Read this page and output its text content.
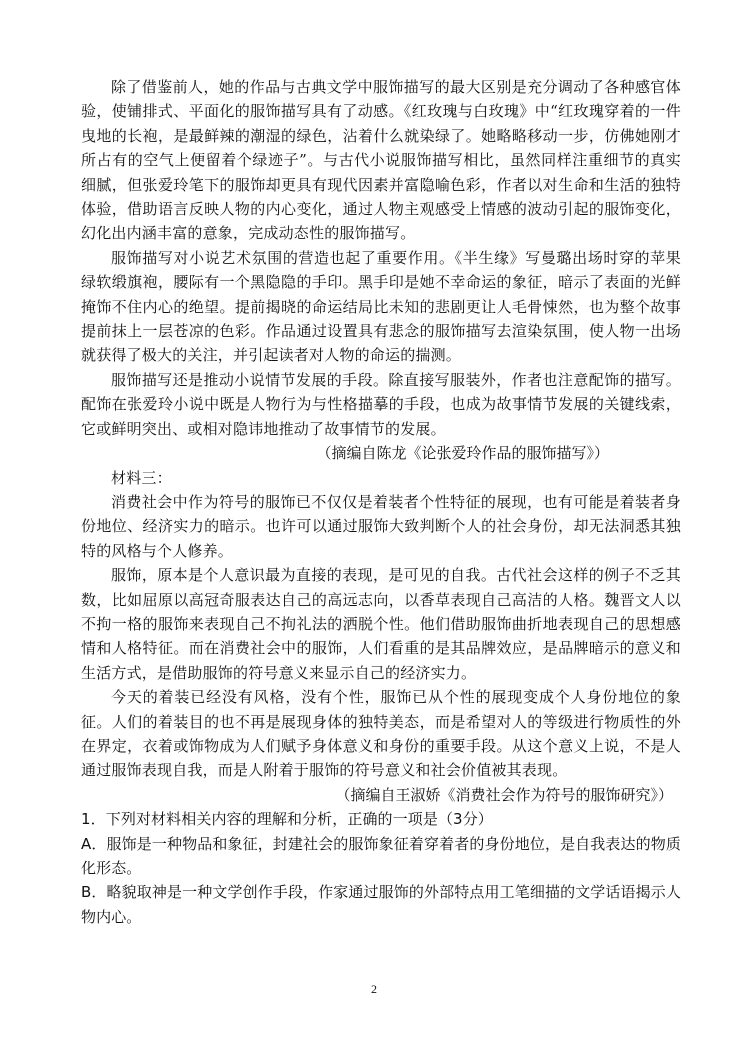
除了借鉴前人，她的作品与古典文学中服饰描写的最大区别是充分调动了各种感官体验，使铺排式、平面化的服饰描写具有了动感。《红玫瑰与白玫瑰》中“红玫瑰穿着的一件曳地的长袍，是最鲜辣的潮湿的绿色，沾着什么就染绿了。她略略移动一步，仿佛她刚才所占有的空气上便留着个绿迹子”。与古代小说服饰描写相比，虽然同样注重细节的真实细腻，但张爱玲笔下的服饰却更具有现代因素并富隐喻色彩，作者以对生命和生活的独特体验，借助语言反映人物的内心变化，通过人物主观感受上情感的波动引起的服饰变化，幻化出内涵丰富的意象，完成动态性的服饰描写。

服饰描写对小说艺术氛围的营造也起了重要作用。《半生缘》写曼璐出场时穿的苹果绿软缎旗袍，腰际有一个黑隐隐的手印。黑手印是她不幸命运的象征，暗示了表面的光鲜掩饰不住内心的绝望。提前揭晓的命运结局比未知的悲剧更让人毛骨悚然，也为整个故事提前抹上一层苍凉的色彩。作品通过设置具有悲念的服饰描写去渲染氛围，使人物一出场就获得了极大的关注，并引起读者对人物的命运的揣测。

服饰描写还是推动小说情节发展的手段。除直接写服装外，作者也注意配饰的描写。配饰在张爱玲小说中既是人物行为与性格描摹的手段，也成为故事情节发展的关键线索，它或鲜明突出、或相对隐讳地推动了故事情节的发展。

（摘编自陈龙《论张爱玲作品的服饰描写》）

材料三：

消费社会中作为符号的服饰已不仅仅是着装者个性特征的展现，也有可能是着装者身份地位、经济实力的暗示。也许可以通过服饰大致判断个人的社会身份，却无法洞悉其独特的风格与个人修养。

服饰，原本是个人意识最为直接的表现，是可见的自我。古代社会这样的例子不乏其数，比如屈原以高冠奇服表达自己的高远志向，以香草表现自己高洁的人格。魏晋文人以不拘一格的服饰来表现自己不拘礼法的洒脱个性。他们借助服饰曲折地表现自己的思想感情和人格特征。而在消费社会中的服饰，人们看重的是其品牌效应，是品牌暗示的意义和生活方式，是借助服饰的符号意义来显示自己的经济实力。

今天的着装已经没有风格，没有个性，服饰已从个性的展现变成个人身份地位的象征。人们的着装目的也不再是展现身体的独特美态，而是希望对人的等级进行物质性的外在界定，衣着或饰物成为人们赋予身体意义和身份的重要手段。从这个意义上说，不是人通过服饰表现自我，而是人附着于服饰的符号意义和社会价值被其表现。

（摘编自王淑娇《消费社会作为符号的服饰研究》）

1．下列对材料相关内容的理解和分析，正确的一项是（3分）

A．服饰是一种物品和象征，封建社会的服饰象征着穿着者的身份地位，是自我表达的物质化形态。

B．略貌取神是一种文学创作手段，作家通过服饰的外部特点用工笔细描的文学话语揭示人物内心。

2
